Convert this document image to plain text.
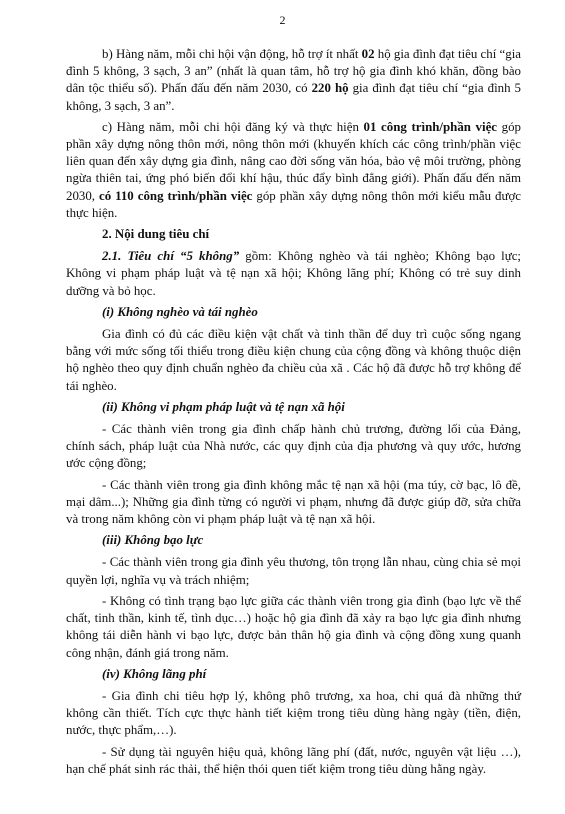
2

b) Hàng năm, mỗi chi hội vận động, hỗ trợ ít nhất 02 hộ gia đình đạt tiêu chí “gia đình 5 không, 3 sạch, 3 an” (nhất là quan tâm, hỗ trợ hộ gia đình khó khăn, đồng bào dân tộc thiểu số). Phấn đấu đến năm 2030, có 220 hộ gia đình đạt tiêu chí “gia đình 5 không, 3 sạch, 3 an”.

c) Hàng năm, mỗi chi hội đăng ký và thực hiện 01 công trình/phần việc góp phần xây dựng nông thôn mới, nông thôn mới (khuyến khích các công trình/phần việc liên quan đến xây dựng gia đình, nâng cao đời sống văn hóa, bảo vệ môi trường, phòng ngừa thiên tai, ứng phó biến đổi khí hậu, thúc đẩy bình đẳng giới). Phấn đấu đến năm 2030, có 110 công trình/phần việc góp phần xây dựng nông thôn mới kiểu mẫu được thực hiện.

2. Nội dung tiêu chí

2.1. Tiêu chí “5 không” gồm: Không nghèo và tái nghèo; Không bạo lực; Không vi phạm pháp luật và tệ nạn xã hội; Không lãng phí; Không có trẻ suy dinh dưỡng và bỏ học.

(i) Không nghèo và tái nghèo

Gia đình có đủ các điều kiện vật chất và tinh thần để duy trì cuộc sống ngang bằng với mức sống tối thiểu trong điều kiện chung của cộng đồng và không thuộc diện hộ nghèo theo quy định chuẩn nghèo đa chiều của xã . Các hộ đã được hỗ trợ không để tái nghèo.

(ii) Không vi phạm pháp luật và tệ nạn xã hội

- Các thành viên trong gia đình chấp hành chủ trương, đường lối của Đảng, chính sách, pháp luật của Nhà nước, các quy định của địa phương và quy ước, hương ước cộng đồng;

- Các thành viên trong gia đình không mắc tệ nạn xã hội (ma túy, cờ bạc, lô đề, mại dâm...); Những gia đình từng có người vi phạm, nhưng đã được giúp đỡ, sửa chữa và trong năm không còn vi phạm pháp luật và tệ nạn xã hội.

(iii) Không bạo lực

- Các thành viên trong gia đình yêu thương, tôn trọng lẫn nhau, cùng chia sẻ mọi quyền lợi, nghĩa vụ và trách nhiệm;

- Không có tình trạng bạo lực giữa các thành viên trong gia đình (bạo lực về thể chất, tinh thần, kinh tế, tình dục…) hoặc hộ gia đình đã xảy ra bạo lực gia đình nhưng không tái diễn hành vi bạo lực, được bản thân hộ gia đình và cộng đồng xung quanh công nhận, đánh giá trong năm.

(iv) Không lãng phí

- Gia đình chi tiêu hợp lý, không phô trương, xa hoa, chi quá đà những thứ không cần thiết. Tích cực thực hành tiết kiệm trong tiêu dùng hàng ngày (tiền, điện, nước, thực phẩm,…).

- Sử dụng tài nguyên hiệu quả, không lãng phí (đất, nước, nguyên vật liệu …), hạn chế phát sinh rác thải, thể hiện thói quen tiết kiệm trong tiêu dùng hằng ngày.
